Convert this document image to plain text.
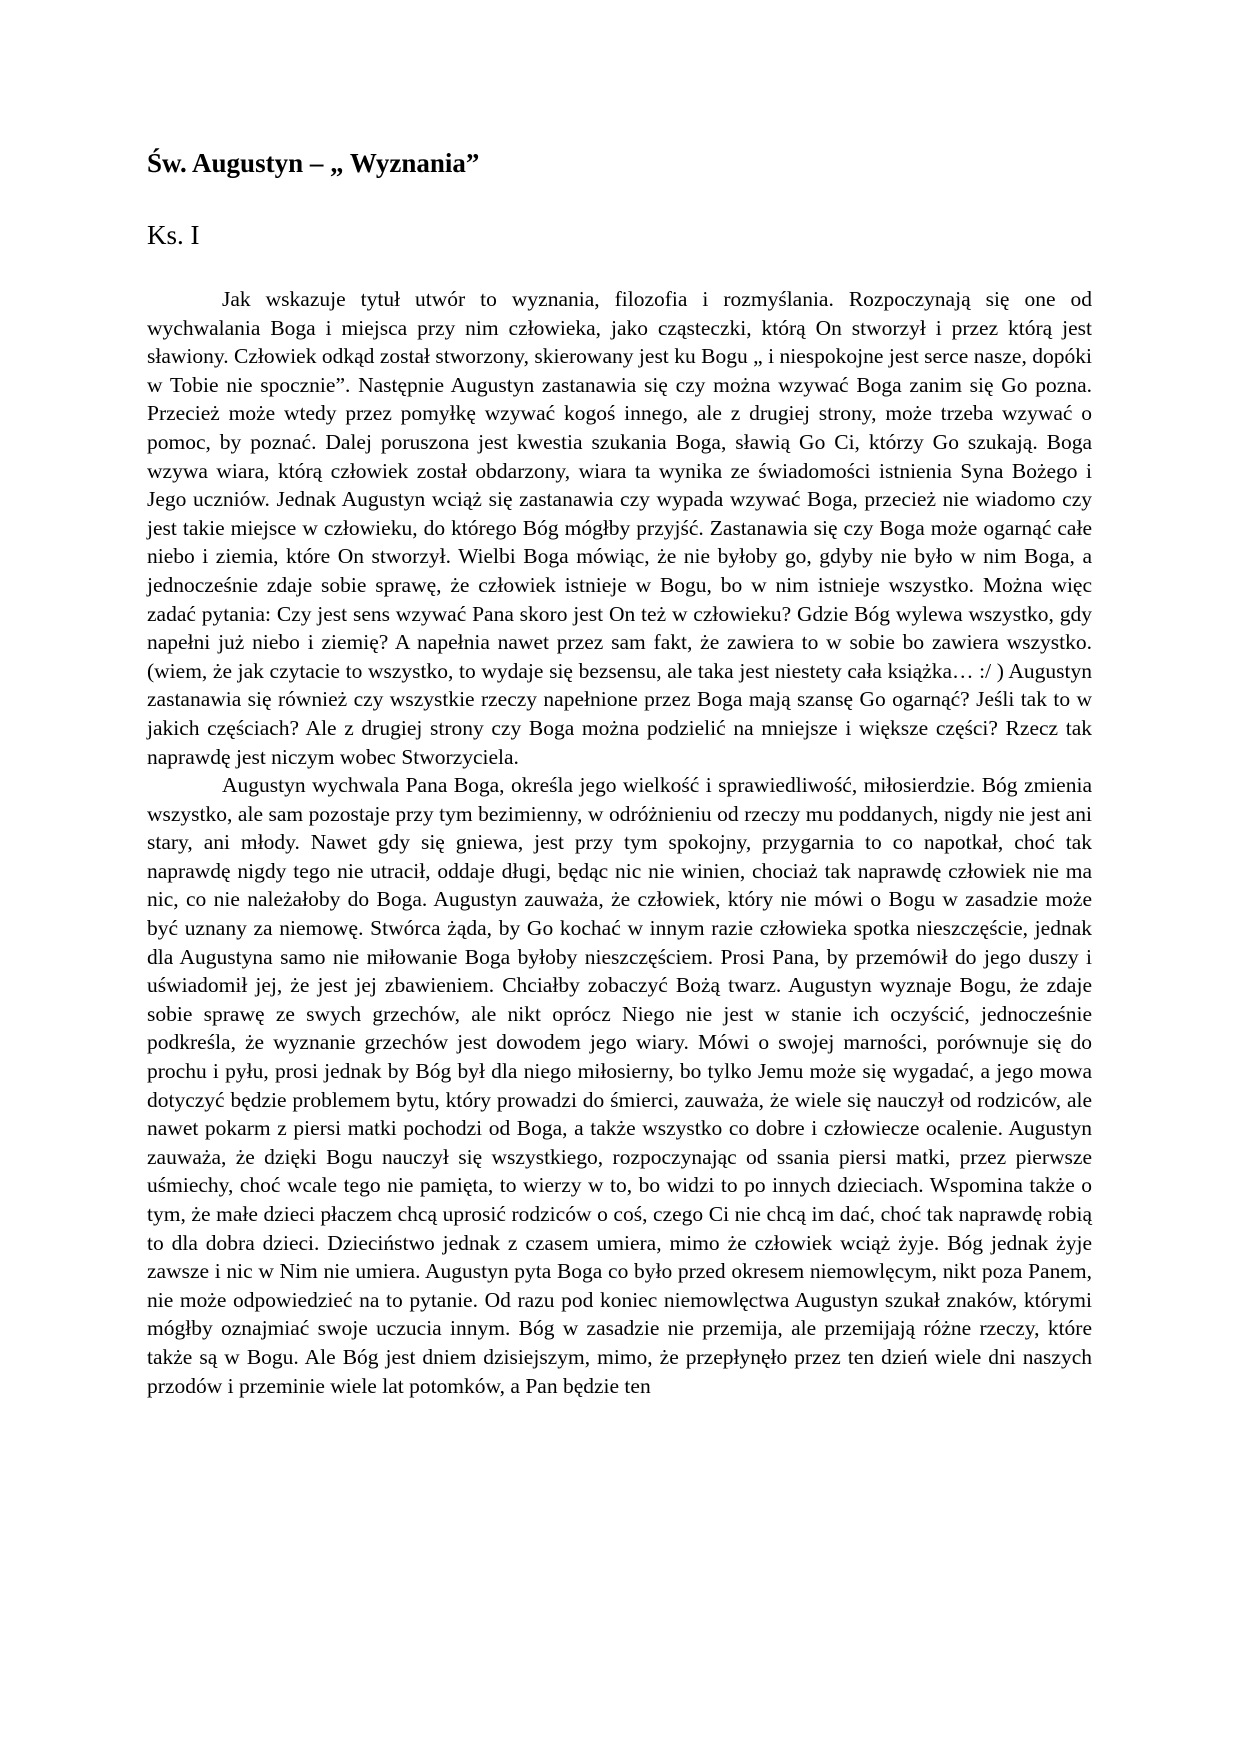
Św. Augustyn – „ Wyznania”
Ks. I

Jak wskazuje tytuł utwór to wyznania, filozofia i rozmyślania. Rozpoczynają się one od wychwalania Boga i miejsca przy nim człowieka, jako cząsteczki, którą On stworzył i przez którą jest sławiony. Człowiek odkąd został stworzony, skierowany jest ku Bogu „ i niespokojne jest serce nasze, dopóki w Tobie nie spocznie”. Następnie Augustyn zastanawia się czy można wzywać Boga zanim się Go pozna. Przecież może wtedy przez pomyłkę wzywać kogoś innego, ale z drugiej strony, może trzeba wzywać o pomoc, by poznać. Dalej poruszona jest kwestia szukania Boga, sławią Go Ci, którzy Go szukają. Boga wzywa wiara, którą człowiek został obdarzony, wiara ta wynika ze świadomości istnienia Syna Bożego i Jego uczniów. Jednak Augustyn wciąż się zastanawia czy wypada wzywać Boga, przecież nie wiadomo czy jest takie miejsce w człowieku, do którego Bóg mógłby przyjść. Zastanawia się czy Boga może ogarnąć całe niebo i ziemia, które On stworzył. Wielbi Boga mówiąc, że nie byłoby go, gdyby nie było w nim Boga, a jednocześnie zdaje sobie sprawę, że człowiek istnieje w Bogu, bo w nim istnieje wszystko. Można więc zadać pytania: Czy jest sens wzywać Pana skoro jest On też w człowieku? Gdzie Bóg wylewa wszystko, gdy napełni już niebo i ziemię? A napełnia nawet przez sam fakt, że zawiera to w sobie bo zawiera wszystko. (wiem, że jak czytacie to wszystko, to wydaje się bezsensu, ale taka jest niestety cała książka… :/ ) Augustyn zastanawia się również czy wszystkie rzeczy napełnione przez Boga mają szansę Go ogarnąć? Jeśli tak to w jakich częściach? Ale z drugiej strony czy Boga można podzielić na mniejsze i większe części? Rzecz tak naprawdę jest niczym wobec Stworzyciela.

Augustyn wychwala Pana Boga, określa jego wielkość i sprawiedliwość, miłosierdzie. Bóg zmienia wszystko, ale sam pozostaje przy tym bezimienny, w odróżnieniu od rzeczy mu poddanych, nigdy nie jest ani stary, ani młody. Nawet gdy się gniewa, jest przy tym spokojny, przygarnia to co napotkał, choć tak naprawdę nigdy tego nie utracił, oddaje długi, będąc nic nie winien, chociaż tak naprawdę człowiek nie ma nic, co nie należałoby do Boga. Augustyn zauważa, że człowiek, który nie mówi o Bogu w zasadzie może być uznany za niemowę. Stwórca żąda, by Go kochać w innym razie człowieka spotka nieszczęście, jednak dla Augustyna samo nie miłowanie Boga byłoby nieszczęściem. Prosi Pana, by przemówił do jego duszy i uświadomił jej, że jest jej zbawieniem. Chciałby zobaczyć Bożą twarz. Augustyn wyznaje Bogu, że zdaje sobie sprawę ze swych grzechów, ale nikt oprócz Niego nie jest w stanie ich oczyścić, jednocześnie podkreśla, że wyznanie grzechów jest dowodem jego wiary. Mówi o swojej marności, porównuje się do prochu i pyłu, prosi jednak by Bóg był dla niego miłosierny, bo tylko Jemu może się wygadać, a jego mowa dotyczyć będzie problemem bytu, który prowadzi do śmierci, zauważa, że wiele się nauczył od rodziców, ale nawet pokarm z piersi matki pochodzi od Boga, a także wszystko co dobre i człowiecze ocalenie. Augustyn zauważa, że dzięki Bogu nauczył się wszystkiego, rozpoczynając od ssania piersi matki, przez pierwsze uśmiechy, choć wcale tego nie pamięta, to wierzy w to, bo widzi to po innych dzieciach. Wspomina także o tym, że małe dzieci płaczem chcą uprosić rodziców o coś, czego Ci nie chcą im dać, choć tak naprawdę robią to dla dobra dzieci. Dzieciństwo jednak z czasem umiera, mimo że człowiek wciąż żyje. Bóg jednak żyje zawsze i nic w Nim nie umiera. Augustyn pyta Boga co było przed okresem niemowlęcym, nikt poza Panem, nie może odpowiedzieć na to pytanie. Od razu pod koniec niemowlęctwa Augustyn szukał znaków, którymi mógłby oznajmiać swoje uczucia innym. Bóg w zasadzie nie przemija, ale przemijają różne rzeczy, które także są w Bogu. Ale Bóg jest dniem dzisiejszym, mimo, że przepłynęło przez ten dzień wiele dni naszych przodów i przeminie wiele lat potomków, a Pan będzie ten
